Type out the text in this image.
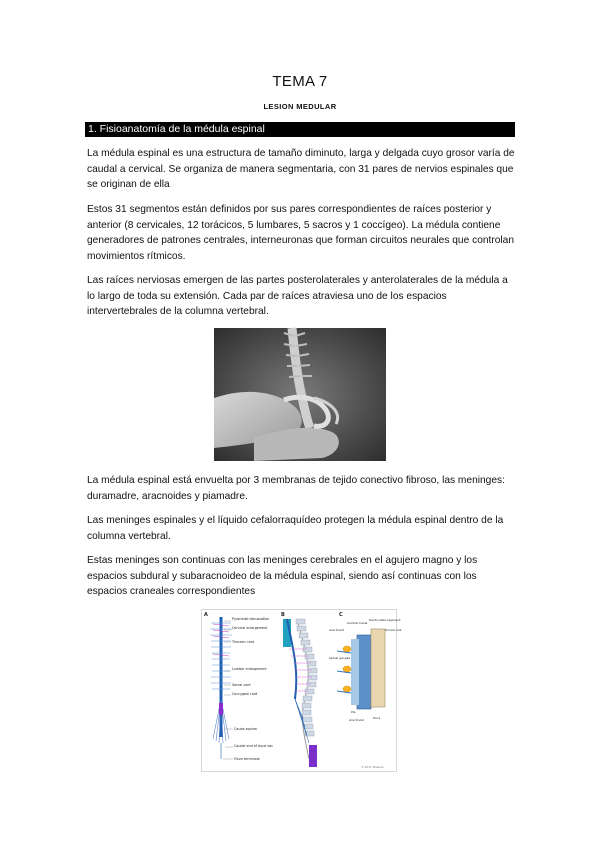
TEMA 7
LESION MEDULAR
1. Fisioanatomía de la médula espinal

La médula espinal es una estructura de tamaño diminuto, larga y delgada cuyo grosor varía de caudal a cervical. Se organiza de manera segmentaria, con 31 pares de nervios espinales que se originan de ella

Estos 31 segmentos están definidos por sus pares correspondientes de raíces posterior y anterior (8 cervicales, 12 torácicos, 5 lumbares, 5 sacros y 1 coccígeo). La médula contiene generadores de patrones centrales, interneuronas que forman circuitos neurales que controlan movimientos rítmicos.

Las raíces nerviosas emergen de las partes posterolaterales y anterolaterales de la médula a lo largo de toda su extensión. Cada par de raíces atraviesa uno de los espacios intervertebrales de la columna vertebral.

La médula espinal está envuelta por 3 membranas de tejido conectivo fibroso, las meninges: duramadre, aracnoides y piamadre.

Las meninges espinales y el líquido cefalorraquídeo protegen la médula espinal dentro de la columna vertebral.

Estas meninges son continuas con las meninges cerebrales en el agujero magno y los espacios subdural y subaracnoideo de la médula espinal, siendo así continuas con los espacios craneales correspondientes

A
Pyramidal decussation
Cervical enlargement
Thoracic cord
Lumbar enlargement
Sacral cord
Coccygeal cord
Cauda equina
Caudal end of dural sac
Filum terminale
B	C
Central Canal
Denticulate ligament
Arachnoid	Dorsal root
Spinal ganglia
Pia
Dura
Arachnoid
© 2011 Elsevier
